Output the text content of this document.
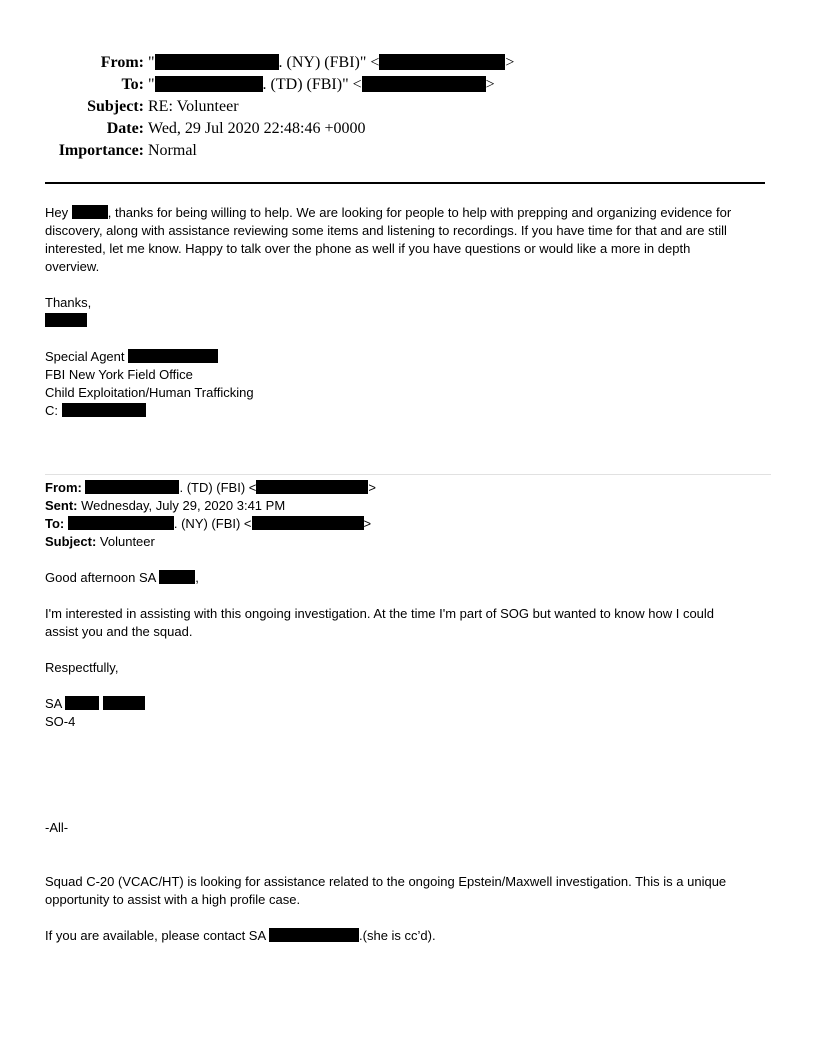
From: "	. (NY) (FBI)" <	>
To: "	. (TD) (FBI)" <	>
Subject: RE: Volunteer
Date: Wed, 29 Jul 2020 22:48:46 +0000
Importance: Normal
Hey	, thanks for being willing to help. We are looking for people to help with prepping and organizing evidence for
discovery, along with assistance reviewing some items and listening to recordings. If you have time for that and are still
interested, let me know. Happy to talk over the phone as well if you have questions or would like a more in depth
overview.
Thanks,
Special Agent
FBI New York Field Office
Child Exploitation/Human Trafficking
C:
From:	. (TD) (FBI) <	>
Sent: Wednesday, July 29, 2020 3:41 PM
To:	. (NY) (FBI) <	>
Subject: Volunteer
Good afternoon SA	,
I'm interested in assisting with this ongoing investigation. At the time I'm part of SOG but wanted to know how I could
assist you and the squad.
Respectfully,
SA
SO-4
-All-
Squad C-20 (VCAC/HT) is looking for assistance related to the ongoing Epstein/Maxwell investigation. This is a unique
opportunity to assist with a high profile case.
If you are available, please contact SA	.(she is cc’d).
